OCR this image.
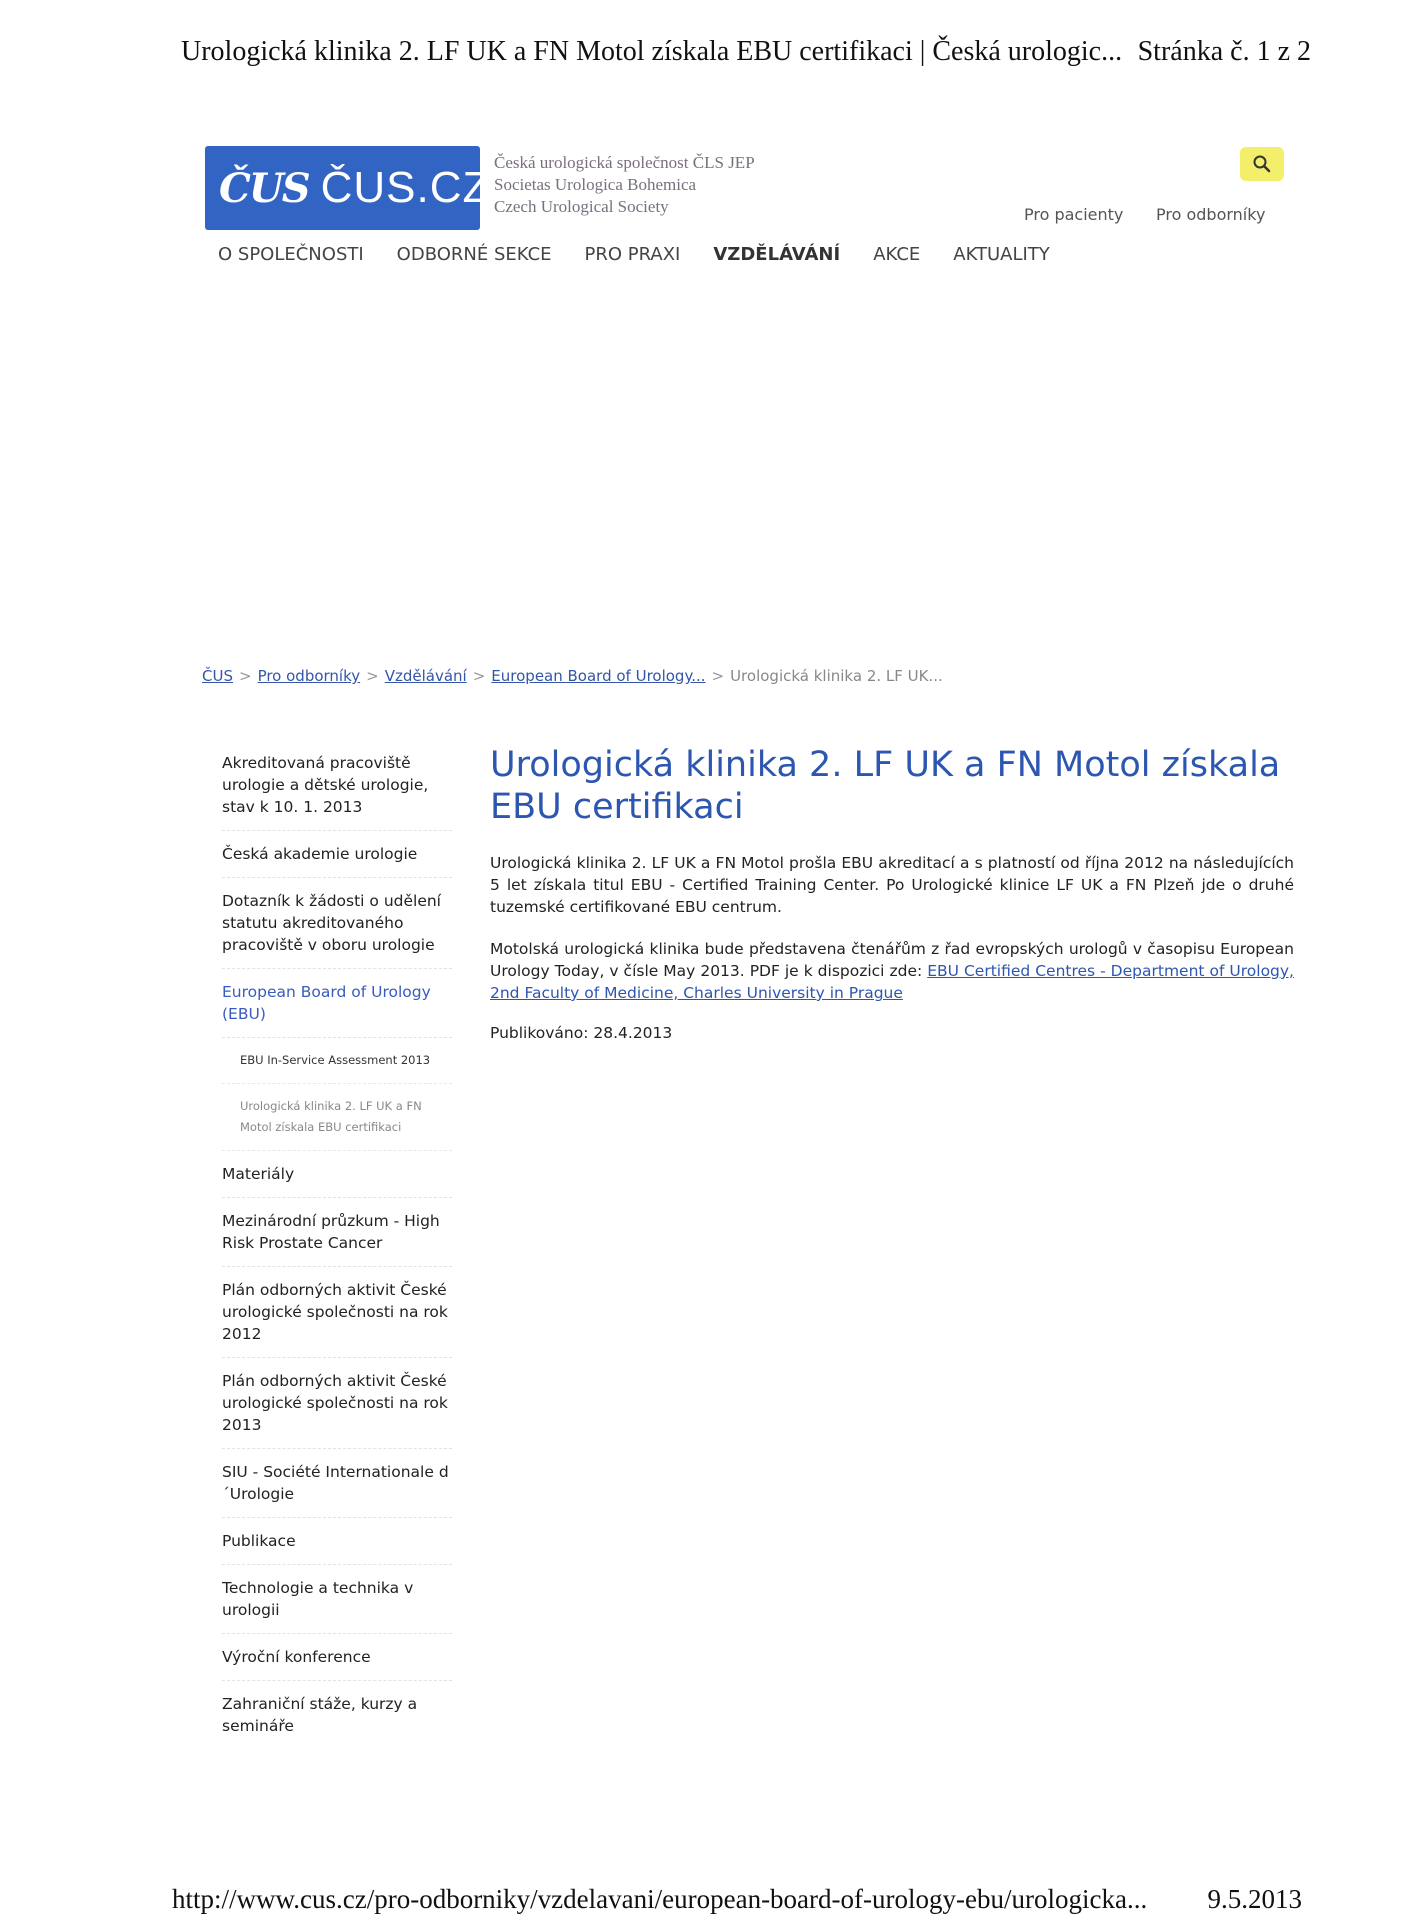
Urologická klinika 2. LF UK a FN Motol získala EBU certifikaci | Česká urologic... Stránka č. 1 z 2
ČUS ČUS.CZ
Česká urologická společnost ČLS JEP
Societas Urologica Bohemica
Czech Urological Society	Pro pacienty Pro odborníky
O SPOLEČNOSTI ODBORNÉ SEKCE PRO PRAXI VZDĚLÁVÁNÍ AKCE AKTUALITY
ČUS > Pro odborníky > Vzdělávání > European Board of Urology... > Urologická klinika 2. LF UK...
Akreditovaná pracoviště urologie a dětské urologie, stav k 10. 1. 2013
Česká akademie urologie
Dotazník k žádosti o udělení statutu akreditovaného pracoviště v oboru urologie
European Board of Urology (EBU)
EBU In-Service Assessment 2013
Urologická klinika 2. LF UK a FN Motol získala EBU certifikaci
Materiály
Mezinárodní průzkum - High Risk Prostate Cancer
Plán odborných aktivit České urologické společnosti na rok 2012
Plán odborných aktivit České urologické společnosti na rok 2013
SIU - Société Internationale d´Urologie
Publikace
Technologie a technika v urologii
Výroční konference
Zahraniční stáže, kurzy a semináře
Urologická klinika 2. LF UK a FN Motol získala EBU certifikaci

Urologická klinika 2. LF UK a FN Motol prošla EBU akreditací a s platností od října 2012 na následujících 5 let získala titul EBU - Certified Training Center. Po Urologické klinice LF UK a FN Plzeň jde o druhé tuzemské certifikované EBU centrum.

Motolská urologická klinika bude představena čtenářům z řad evropských urologů v časopisu European Urology Today, v čísle May 2013. PDF je k dispozici zde: EBU Certified Centres - Department of Urology, 2nd Faculty of Medicine, Charles University in Prague

Publikováno: 28.4.2013
http://www.cus.cz/pro-odborniky/vzdelavani/european-board-of-urology-ebu/urologicka... 9.5.2013
